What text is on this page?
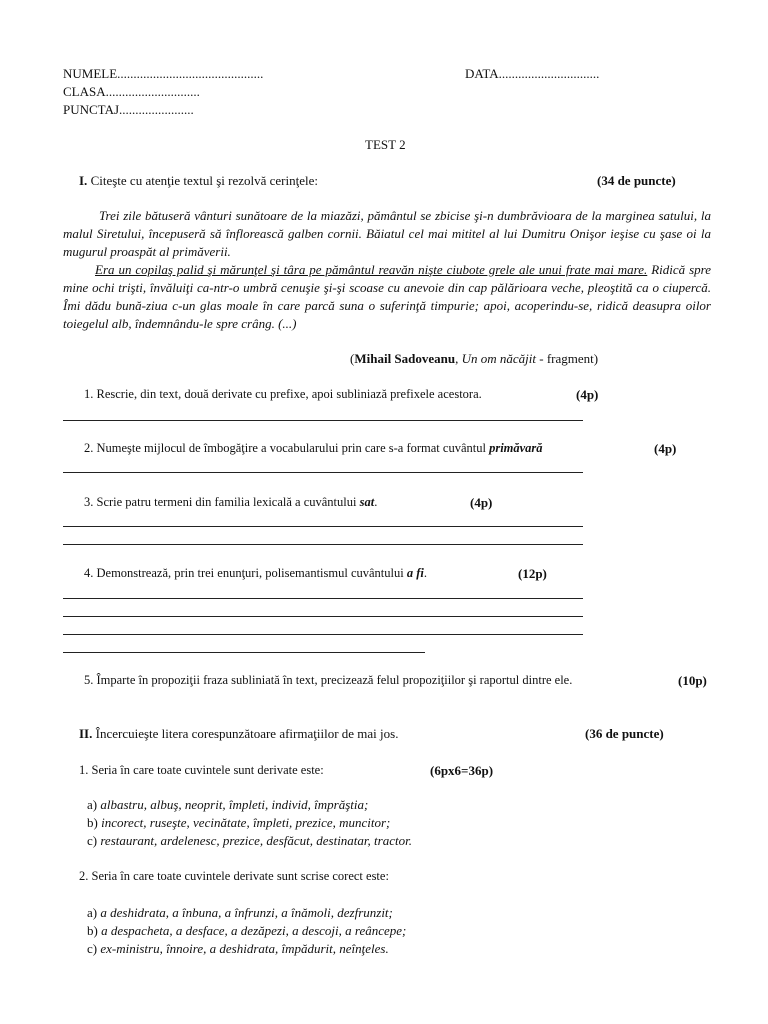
NUMELE.............................................	DATA...............................
CLASA.............................
PUNCTAJ.......................
TEST 2
I. Citeşte cu atenţie textul şi rezolvă cerinţele:	(34 de puncte)
Trei zile bătuseră vânturi sunătoare de la miazăzi, pământul se zbicise şi-n dumbrăvioara de la marginea satului, la malul Siretului, începuseră să înflorească galben cornii. Băiatul cel mai mititel al lui Dumitru Onişor ieşise cu şase oi la mugurul proaspăt al primăverii.
Era un copilaş palid şi mărunţel şi târa pe pământul reavăn nişte ciubote grele ale unui frate mai mare. Ridică spre mine ochi trişti, învăluiţi ca-ntr-o umbră cenuşie şi-şi scoase cu anevoie din cap pălărioara veche, pleoştită ca o ciupercă. Îmi dădu bună-ziua c-un glas moale în care parcă suna o suferinţă timpurie; apoi, acoperindu-se, ridică deasupra oilor toiegelul alb, îndemnându-le spre crâng. (...)
(Mihail Sadoveanu, Un om năcăjit - fragment)
1. Rescrie, din text, două derivate cu prefixe, apoi subliniază prefixele acestora.	(4p)
2. Numeşte mijlocul de îmbogăţire a vocabularului prin care s-a format cuvântul primăvară	(4p)
3. Scrie patru termeni din familia lexicală a cuvântului sat.	(4p)
4. Demonstrează, prin trei enunţuri, polisemantismul cuvântului a fi.	(12p)
5. Împarte în propoziţii fraza subliniată în text, precizează felul propoziţiilor şi raportul dintre ele.	(10p)
II. Încercuieşte litera corespunzătoare afirmaţiilor de mai jos.	(36 de puncte)
1. Seria în care toate cuvintele sunt derivate este:	(6px6=36p)
a) albastru, albuş, neoprit, împleti, individ, împrăştia;
b) incorect, ruseşte, vecinătate, împleti, prezice, muncitor;
c) restaurant, ardelenesc, prezice, desfăcut, destinatar, tractor.
2. Seria în care toate cuvintele derivate sunt scrise corect este:
a) a deshidrata, a înbuna, a înfrunzi, a înămoli, dezfrunzit;
b) a despacheta, a desface, a dezăpezi, a descoji, a reâncepe;
c) ex-ministru, înnoire, a deshidrata, împădurit, neînţeles.
